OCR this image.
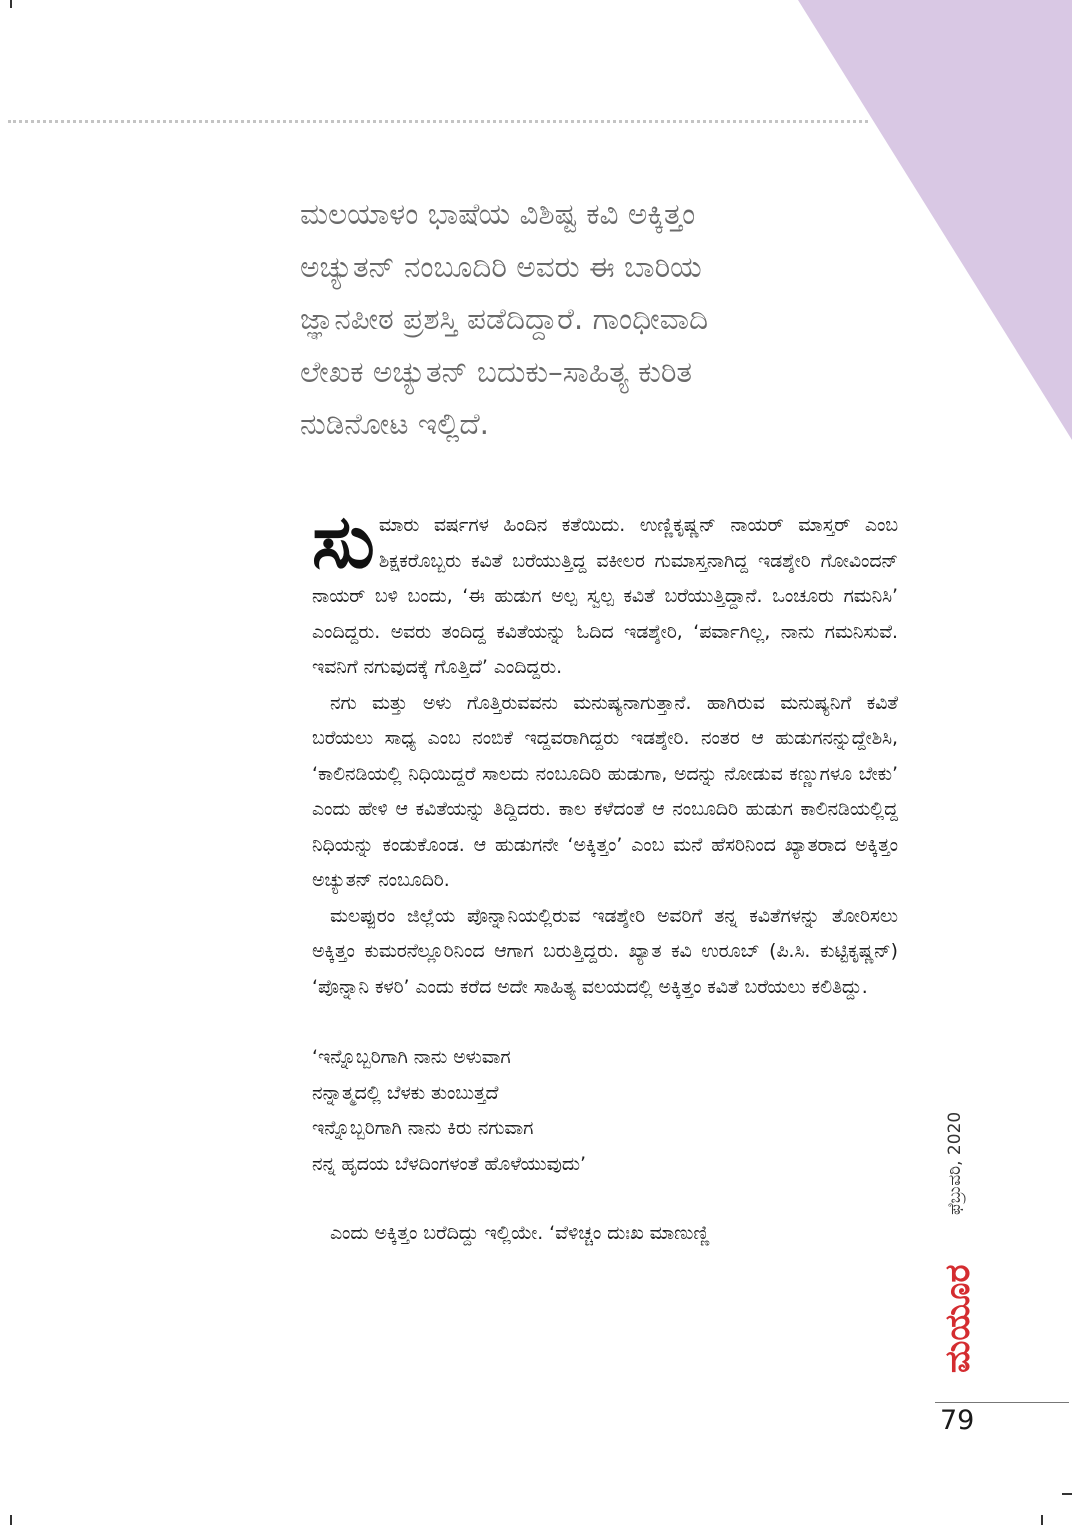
ಮಲಯಾಳಂ ಭಾಷೆಯ ವಿಶಿಷ್ಟ ಕವಿ ಅಕ್ಕಿತ್ತಂ
ಅಚ್ಯುತನ್ ನಂಬೂದಿರಿ ಅವರು ಈ ಬಾರಿಯ
ಜ್ಞಾನಪೀಠ ಪ್ರಶಸ್ತಿ ಪಡೆದಿದ್ದಾರೆ. ಗಾಂಧೀವಾದಿ
ಲೇಖಕ ಅಚ್ಯುತನ್ ಬದುಕು–ಸಾಹಿತ್ಯ ಕುರಿತ
ನುಡಿನೋಟ ಇಲ್ಲಿದೆ.

ಸುಮಾರು ವರ್ಷಗಳ ಹಿಂದಿನ ಕತೆಯಿದು. ಉಣ್ಣಿಕೃಷ್ಣನ್ ನಾಯರ್ ಮಾಸ್ತರ್ ಎಂಬ ಶಿಕ್ಷಕರೊಬ್ಬರು ಕವಿತೆ ಬರೆಯುತ್ತಿದ್ದ ವಕೀಲರ ಗುಮಾಸ್ತನಾಗಿದ್ದ ಇಡಶ್ಶೇರಿ ಗೋವಿಂದನ್ ನಾಯರ್ ಬಳಿ ಬಂದು, ‘ಈ ಹುಡುಗ ಅಲ್ಪ ಸ್ವಲ್ಪ ಕವಿತೆ ಬರೆಯುತ್ತಿದ್ದಾನೆ. ಒಂಚೂರು ಗಮನಿಸಿ’ ಎಂದಿದ್ದರು. ಅವರು ತಂದಿದ್ದ ಕವಿತೆಯನ್ನು ಓದಿದ ಇಡಶ್ಶೇರಿ, ‘ಪರ್ವಾಗಿಲ್ಲ, ನಾನು ಗಮನಿಸುವೆ. ಇವನಿಗೆ ನಗುವುದಕ್ಕೆ ಗೊತ್ತಿದೆ’ ಎಂದಿದ್ದರು.

ನಗು ಮತ್ತು ಅಳು ಗೊತ್ತಿರುವವನು ಮನುಷ್ಯನಾಗುತ್ತಾನೆ. ಹಾಗಿರುವ ಮನುಷ್ಯನಿಗೆ ಕವಿತೆ ಬರೆಯಲು ಸಾಧ್ಯ ಎಂಬ ನಂಬಿಕೆ ಇದ್ದವರಾಗಿದ್ದರು ಇಡಶ್ಶೇರಿ. ನಂತರ ಆ ಹುಡುಗನನ್ನುದ್ದೇಶಿಸಿ, ‘ಕಾಲಿನಡಿಯಲ್ಲಿ ನಿಧಿಯಿದ್ದರೆ ಸಾಲದು ನಂಬೂದಿರಿ ಹುಡುಗಾ, ಅದನ್ನು ನೋಡುವ ಕಣ್ಣುಗಳೂ ಬೇಕು’ ಎಂದು ಹೇಳಿ ಆ ಕವಿತೆಯನ್ನು ತಿದ್ದಿದರು. ಕಾಲ ಕಳೆದಂತೆ ಆ ನಂಬೂದಿರಿ ಹುಡುಗ ಕಾಲಿನಡಿಯಲ್ಲಿದ್ದ ನಿಧಿಯನ್ನು ಕಂಡುಕೊಂಡ. ಆ ಹುಡುಗನೇ ‘ಅಕ್ಕಿತ್ತಂ’ ಎಂಬ ಮನೆ ಹೆಸರಿನಿಂದ ಖ್ಯಾತರಾದ ಅಕ್ಕಿತ್ತಂ ಅಚ್ಯುತನ್ ನಂಬೂದಿರಿ.

ಮಲಪ್ಪುರಂ ಜಿಲ್ಲೆಯ ಪೊನ್ನಾನಿಯಲ್ಲಿರುವ ಇಡಶ್ಶೇರಿ ಅವರಿಗೆ ತನ್ನ ಕವಿತೆಗಳನ್ನು ತೋರಿಸಲು ಅಕ್ಕಿತ್ತಂ ಕುಮರನೆಲ್ಲೂರಿನಿಂದ ಆಗಾಗ ಬರುತ್ತಿದ್ದರು. ಖ್ಯಾತ ಕವಿ ಉರೂಬ್ (ಪಿ.ಸಿ. ಕುಟ್ಟಿಕೃಷ್ಣನ್) ‘ಪೊನ್ನಾನಿ ಕಳರಿ’ ಎಂದು ಕರೆದ ಅದೇ ಸಾಹಿತ್ಯ ವಲಯದಲ್ಲಿ ಅಕ್ಕಿತ್ತಂ ಕವಿತೆ ಬರೆಯಲು ಕಲಿತಿದ್ದು.

‘ಇನ್ನೊಬ್ಬರಿಗಾಗಿ ನಾನು ಅಳುವಾಗ
ನನ್ನಾತ್ಮದಲ್ಲಿ ಬೆಳಕು ತುಂಬುತ್ತದೆ
ಇನ್ನೊಬ್ಬರಿಗಾಗಿ ನಾನು ಕಿರು ನಗುವಾಗ
ನನ್ನ ಹೃದಯ ಬೆಳದಿಂಗಳಂತೆ ಹೊಳೆಯುವುದು’
ಎಂದು ಅಕ್ಕಿತ್ತಂ ಬರೆದಿದ್ದು ಇಲ್ಲಿಯೇ. ‘ವೆಳಿಚ್ಚಂ ದುಃಖ ಮಾಣುಣ್ಣಿ
ಫೆಬ್ರುವರಿ, 2020
ಮಯೂರ
79
